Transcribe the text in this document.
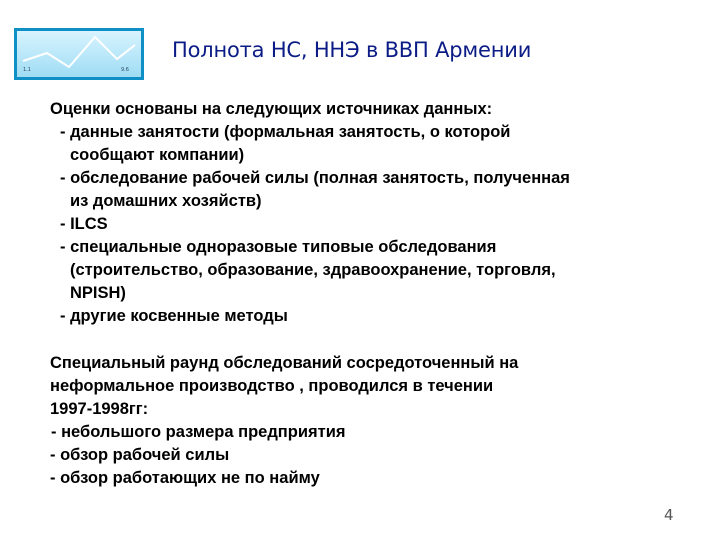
1.1	9.6
Полнота НС, ННЭ в ВВП Армении
Оценки основаны на следующих источниках данных:
- данные занятости (формальная занятость, о которой
сообщают компании)
- обследование рабочей силы (полная занятость, полученная
из домашних хозяйств)
- ILCS
- специальные одноразовые типовые обследования
(строительство, образование, здравоохранение, торговля,
NPISH)
- другие косвенные методы
Специальный раунд обследований сосредоточенный на
неформальное производство , проводился в течении
1997-1998гг:
- небольшого размера предприятия
- обзор рабочей силы
- обзор работающих не по найму
4
